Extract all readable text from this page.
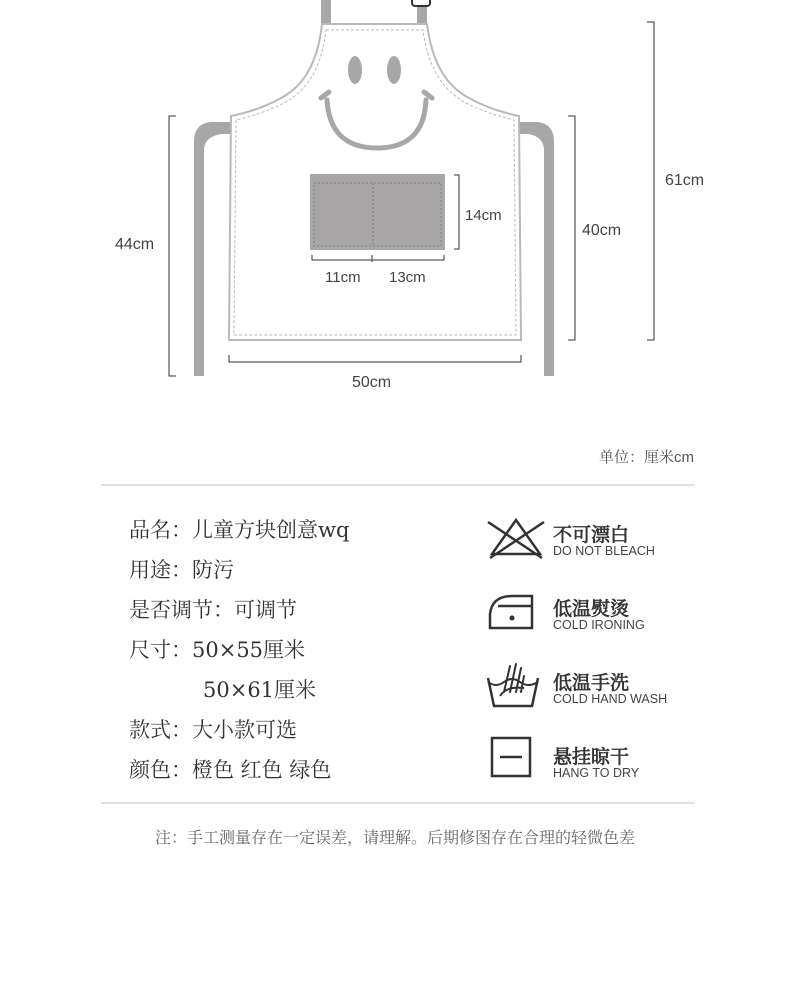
14cm
11cm 13cm
50cm
44cm
40cm
61cm
单位：厘米cm
品名：儿童方块创意wq
用途：防污
是否调节：可调节
尺寸：50×55厘米
50×61厘米
款式：大小款可选
颜色：橙色 红色 绿色
不可漂白
DO NOT BLEACH
低温熨烫
COLD IRONING
低温手洗
COLD HAND WASH
悬挂晾干
HANG TO DRY
注：手工测量存在一定误差，请理解。后期修图存在合理的轻微色差
